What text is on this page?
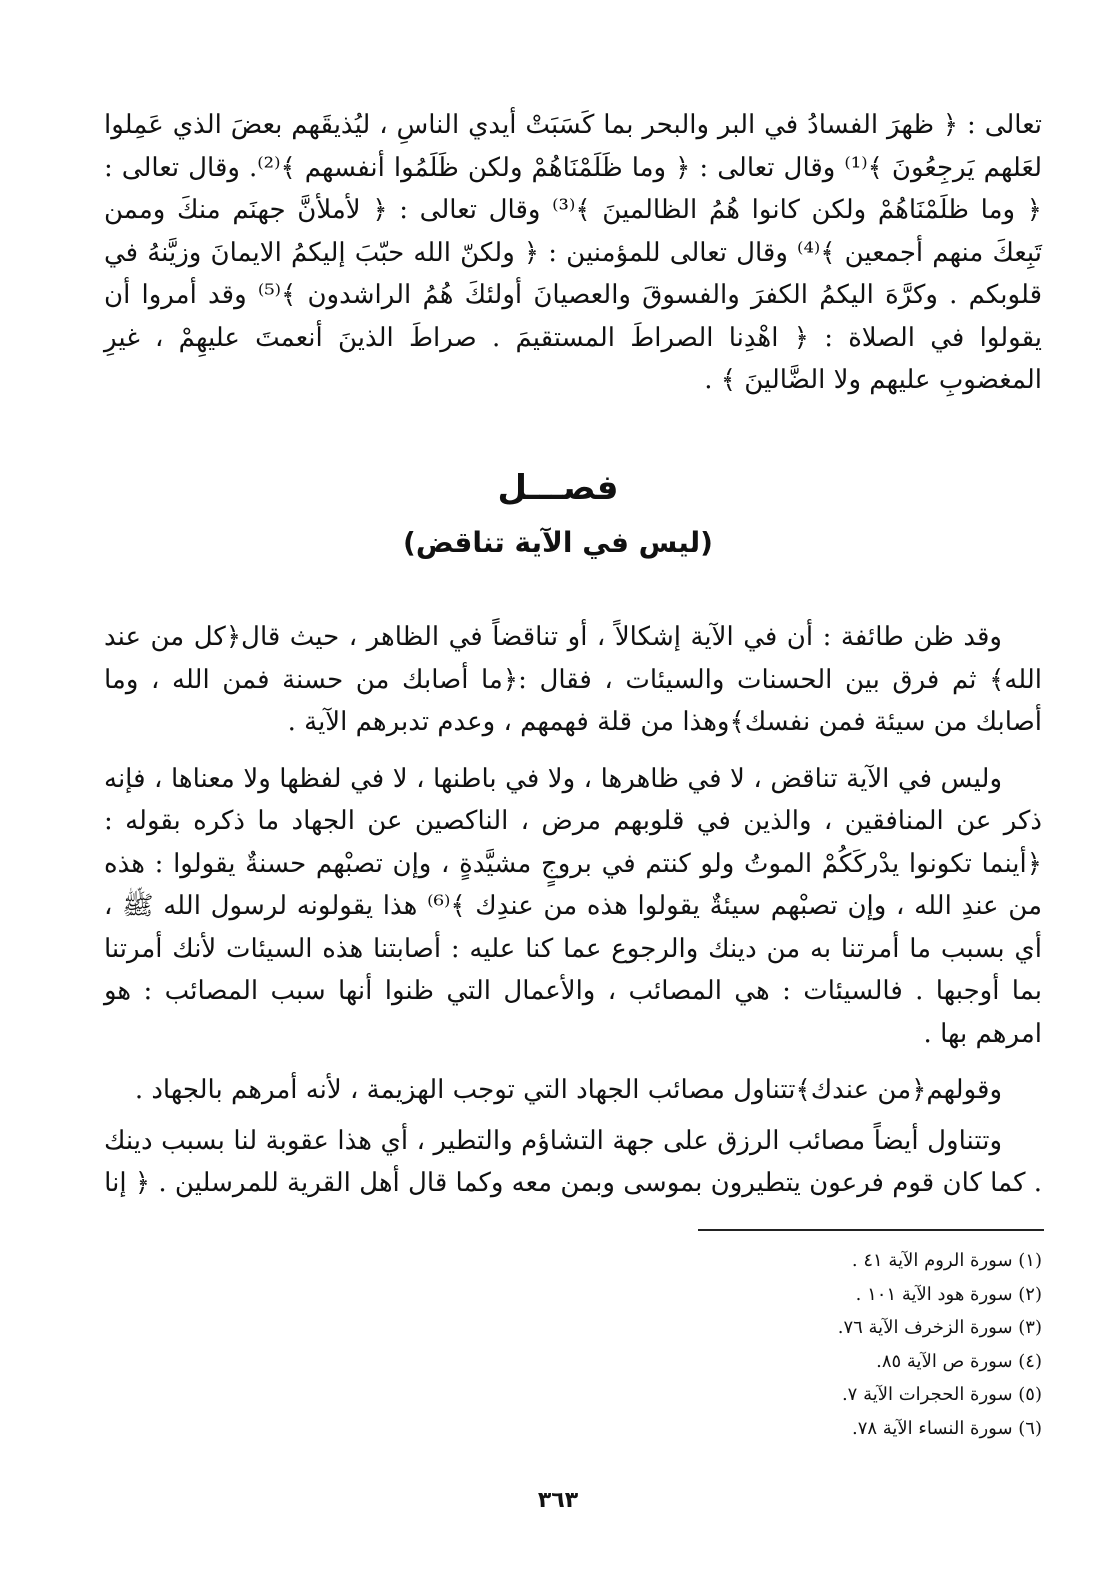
تعالى : ﴿ ظهرَ الفسادُ في البر والبحر بما كَسَبَتْ أيدي الناسِ ، ليُذيقَهم بعضَ الذي عَمِلوا لعَلهم يَرجِعُونَ ﴾⁽¹⁾ وقال تعالى : ﴿ وما ظَلَمْنَاهُمْ ولكن ظَلَمُوا أنفسهم ﴾⁽²⁾. وقال تعالى : ﴿ وما ظلَمْنَاهُمْ ولكن كانوا هُمُ الظالمينَ ﴾⁽³⁾ وقال تعالى : ﴿ لأملأنَّ جهنَم منكَ وممن تَبِعكَ منهم أجمعين ﴾⁽⁴⁾ وقال تعالى للمؤمنين : ﴿ ولكنّ الله حبّبَ إليكمُ الايمانَ وزيَّنهُ في قلوبكم . وكرَّهَ اليكمُ الكفرَ والفسوقَ والعصيانَ أولئكَ هُمُ الراشدون ﴾⁽⁵⁾ وقد أمروا أن يقولوا في الصلاة : ﴿ اهْدِنا الصراطَ المستقيمَ . صراطَ الذينَ أنعمتَ عليهِمْ ، غيرِ المغضوبِ عليهم ولا الضَّالينَ ﴾ .

فصـــل
(ليس في الآية تناقض)

وقد ظن طائفة : أن في الآية إشكالاً ، أو تناقضاً في الظاهر ، حيث قال﴿كل من عند الله﴾ ثم فرق بين الحسنات والسيئات ، فقال :﴿ما أصابك من حسنة فمن الله ، وما أصابك من سيئة فمن نفسك﴾وهذا من قلة فهمهم ، وعدم تدبرهم الآية .

وليس في الآية تناقض ، لا في ظاهرها ، ولا في باطنها ، لا في لفظها ولا معناها ، فإنه ذكر عن المنافقين ، والذين في قلوبهم مرض ، الناكصين عن الجهاد ما ذكره بقوله : ﴿أينما تكونوا يدْركَكُمْ الموتُ ولو كنتم في بروجٍ مشيَّدةٍ ، وإن تصبْهم حسنةٌ يقولوا : هذه من عندِ الله ، وإن تصبْهم سيئةٌ يقولوا هذه من عندِك ﴾⁽⁶⁾ هذا يقولونه لرسول الله ﷺ ، أي بسبب ما أمرتنا به من دينك والرجوع عما كنا عليه : أصابتنا هذه السيئات لأنك أمرتنا بما أوجبها . فالسيئات : هي المصائب ، والأعمال التي ظنوا أنها سبب المصائب : هو امرهم بها .

وقولهم﴿من عندك﴾تتناول مصائب الجهاد التي توجب الهزيمة ، لأنه أمرهم بالجهاد .

وتتناول أيضاً مصائب الرزق على جهة التشاؤم والتطير ، أي هذا عقوبة لنا بسبب دينك . كما كان قوم فرعون يتطيرون بموسى وبمن معه وكما قال أهل القرية للمرسلين . ﴿ إنا

(١) سورة الروم الآية ٤١ .
(٢) سورة هود الآية ١٠١ .
(٣) سورة الزخرف الآية ٧٦.
(٤) سورة ص الآية ٨٥.
(٥) سورة الحجرات الآية ٧.
(٦) سورة النساء الآية ٧٨.
٣٦٣
